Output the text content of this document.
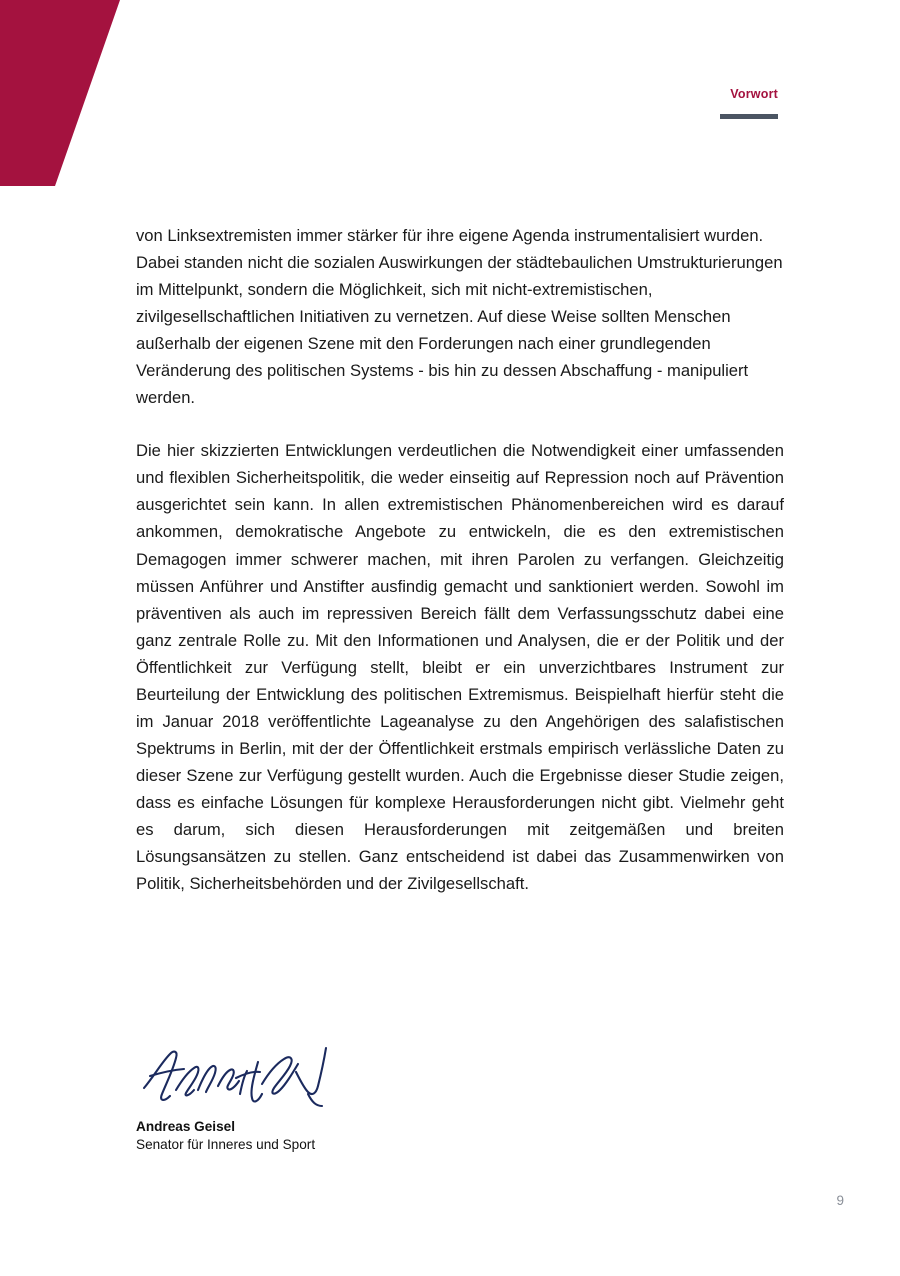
Vorwort

von Linksextremisten immer stärker für ihre eigene Agenda instrumentalisiert wurden. Dabei standen nicht die sozialen Auswirkungen der städtebaulichen Umstrukturierungen im Mittelpunkt, sondern die Möglichkeit, sich mit nicht-extremistischen, zivilgesellschaftlichen Initiativen zu vernetzen. Auf diese Weise sollten Menschen außerhalb der eigenen Szene mit den Forderungen nach einer grundlegenden Veränderung des politischen Systems - bis hin zu dessen Abschaffung - manipuliert werden.

Die hier skizzierten Entwicklungen verdeutlichen die Notwendigkeit einer umfassenden und flexiblen Sicherheitspolitik, die weder einseitig auf Repression noch auf Prävention ausgerichtet sein kann. In allen extremistischen Phänomenbereichen wird es darauf ankommen, demokratische Angebote zu entwickeln, die es den extremistischen Demagogen immer schwerer machen, mit ihren Parolen zu verfangen. Gleichzeitig müssen Anführer und Anstifter ausfindig gemacht und sanktioniert werden. Sowohl im präventiven als auch im repressiven Bereich fällt dem Verfassungsschutz dabei eine ganz zentrale Rolle zu. Mit den Informationen und Analysen, die er der Politik und der Öffentlichkeit zur Verfügung stellt, bleibt er ein unverzichtbares Instrument zur Beurteilung der Entwicklung des politischen Extremismus. Beispielhaft hierfür steht die im Januar 2018 veröffentlichte Lageanalyse zu den Angehörigen des salafistischen Spektrums in Berlin, mit der der Öffentlichkeit erstmals empirisch verlässliche Daten zu dieser Szene zur Verfügung gestellt wurden. Auch die Ergebnisse dieser Studie zeigen, dass es einfache Lösungen für komplexe Herausforderungen nicht gibt. Vielmehr geht es darum, sich diesen Herausforderungen mit zeitgemäßen und breiten Lösungsansätzen zu stellen. Ganz entscheidend ist dabei das Zusammenwirken von Politik, Sicherheitsbehörden und der Zivilgesellschaft.

Andreas Geisel
Senator für Inneres und Sport
9
